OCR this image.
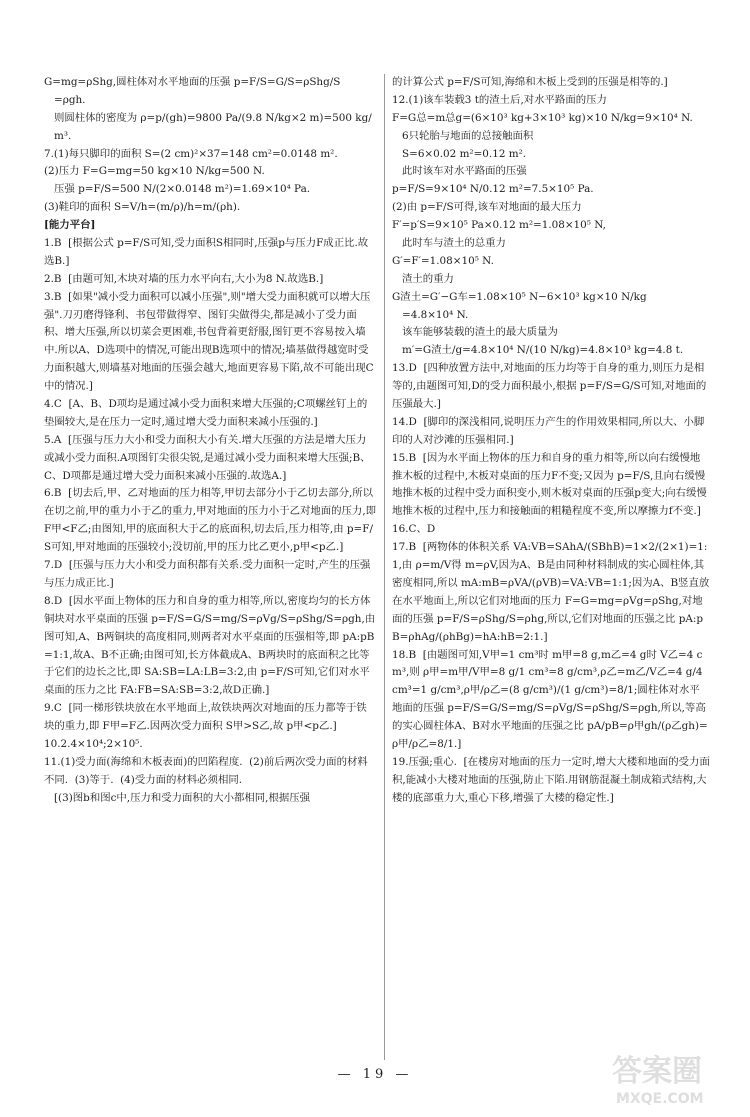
G=mg=ρShg,圆柱体对水平地面的压强 p=F/S=G/S=ρShg/S

=ρgh.

则圆柱体的密度为 ρ=p/(gh)=9800 Pa/(9.8 N/kg×2 m)=500 kg/m³.

7.(1)每只脚印的面积 S=(2 cm)²×37=148 cm²=0.0148 m².

(2)压力 F=G=mg=50 kg×10 N/kg=500 N.

压强 p=F/S=500 N/(2×0.0148 m²)=1.69×10⁴ Pa.

(3)鞋印的面积 S=V/h=(m/ρ)/h=m/(ρh).

[能力平台]

1.B  [根据公式 p=F/S可知,受力面积S相同时,压强p与压力F成正比.故选B.]

2.B  [由题可知,木块对墙的压力水平向右,大小为8 N.故选B.]

3.B  [如果"减小受力面积可以减小压强",则"增大受力面积就可以增大压强".刀刃磨得锋利、书包带做得窄、图钉尖做得尖,都是减小了受力面积、增大压强,所以切菜会更困难,书包背着更舒服,图钉更不容易按入墙中.所以A、D选项中的情况,可能出现B选项中的情况;墙基做得越宽时受力面积越大,则墙基对地面的压强会越大,地面更容易下陷,故不可能出现C中的情况.]

4.C  [A、B、D项均是通过减小受力面积来增大压强的;C项螺丝钉上的垫圈较大,是在压力一定时,通过增大受力面积来减小压强的.]

5.A  [压强与压力大小和受力面积大小有关.增大压强的方法是增大压力或减小受力面积.A项图钉尖很尖锐,是通过减小受力面积来增大压强;B、C、D项都是通过增大受力面积来减小压强的.故选A.]

6.B  [切去后,甲、乙对地面的压力相等,甲切去部分小于乙切去部分,所以在切之前,甲的重力小于乙的重力,甲对地面的压力小于乙对地面的压力,即 F甲<F乙;由图知,甲的底面积大于乙的底面积,切去后,压力相等,由 p=F/S可知,甲对地面的压强较小;没切前,甲的压力比乙更小,p甲<p乙.]

7.D  [压强与压力大小和受力面积都有关系.受力面积一定时,产生的压强与压力成正比.]

8.D  [因水平面上物体的压力和自身的重力相等,所以,密度均匀的长方体铜块对水平桌面的压强 p=F/S=G/S=mg/S=ρVg/S=ρShg/S=ρgh,由图可知,A、B两铜块的高度相同,则两者对水平桌面的压强相等,即 pA:pB=1:1,故A、B不正确;由图可知,长方体截成A、B两块时的底面积之比等于它们的边长之比,即 SA:SB=LA:LB=3:2,由 p=F/S可知,它们对水平桌面的压力之比 FA:FB=SA:SB=3:2,故D正确.]

9.C  [同一梯形铁块放在水平地面上,故铁块两次对地面的压力都等于铁块的重力,即 F甲=F乙.因两次受力面积 S甲>S乙,故 p甲<p乙.]

10.2.4×10⁴;2×10⁵.

11.(1)受力面(海绵和木板表面)的凹陷程度.  (2)前后两次受力面的材料不同.  (3)等于.  (4)受力面的材料必须相同.

[(3)图b和图c中,压力和受力面积的大小都相同,根据压强

的计算公式 p=F/S可知,海绵和木板上受到的压强是相等的.]

12.(1)该车装载3 t的渣土后,对水平路面的压力

F=G总=m总g=(6×10³ kg+3×10³ kg)×10 N/kg=9×10⁴ N.

6只轮胎与地面的总接触面积

S=6×0.02 m²=0.12 m².

此时该车对水平路面的压强

p=F/S=9×10⁴ N/0.12 m²=7.5×10⁵ Pa.

(2)由 p=F/S可得,该车对地面的最大压力

F′=p′S=9×10⁵ Pa×0.12 m²=1.08×10⁵ N,

此时车与渣土的总重力

G′=F′=1.08×10⁵ N.

渣土的重力

G渣土=G′−G车=1.08×10⁵ N−6×10³ kg×10 N/kg

=4.8×10⁴ N.

该车能够装载的渣土的最大质量为

m′=G渣土/g=4.8×10⁴ N/(10 N/kg)=4.8×10³ kg=4.8 t.

13.D  [四种放置方法中,对地面的压力均等于自身的重力,则压力是相等的,由题图可知,D的受力面积最小,根据 p=F/S=G/S可知,对地面的压强最大.]

14.D  [脚印的深浅相同,说明压力产生的作用效果相同,所以大、小脚印的人对沙滩的压强相同.]

15.B  [因为水平面上物体的压力和自身的重力相等,所以向右缓慢地推木板的过程中,木板对桌面的压力F不变;又因为 p=F/S,且向右缓慢地推木板的过程中受力面积变小,则木板对桌面的压强p变大;向右缓慢地推木板的过程中,压力和接触面的粗糙程度不变,所以摩擦力f不变.]

16.C、D

17.B  [两物体的体积关系 VA:VB=SAhA/(SBhB)=1×2/(2×1)=1:1,由 ρ=m/V得 m=ρV,因为A、B是由同种材料制成的实心圆柱体,其密度相同,所以 mA:mB=ρVA/(ρVB)=VA:VB=1:1;因为A、B竖直放在水平地面上,所以它们对地面的压力 F=G=mg=ρVg=ρShg,对地面的压强 p=F/S=ρShg/S=ρhg,所以,它们对地面的压强之比 pA:pB=ρhAg/(ρhBg)=hA:hB=2:1.]

18.B  [由题图可知,V甲=1 cm³时 m甲=8 g,m乙=4 g时 V乙=4 cm³,则 ρ甲=m甲/V甲=8 g/1 cm³=8 g/cm³,ρ乙=m乙/V乙=4 g/4 cm³=1 g/cm³,ρ甲/ρ乙=(8 g/cm³)/(1 g/cm³)=8/1;圆柱体对水平地面的压强 p=F/S=G/S=mg/S=ρVg/S=ρShg/S=ρgh,所以,等高的实心圆柱体A、B对水平地面的压强之比 pA/pB=ρ甲gh/(ρ乙gh)=ρ甲/ρ乙=8/1.]

19.压强;重心.  [在楼房对地面的压力一定时,增大大楼和地面的受力面积,能减小大楼对地面的压强,防止下陷.用钢筋混凝土制成箱式结构,大楼的底部重力大,重心下移,增强了大楼的稳定性.]

— 19 —	答案圈
MXQE.COM
